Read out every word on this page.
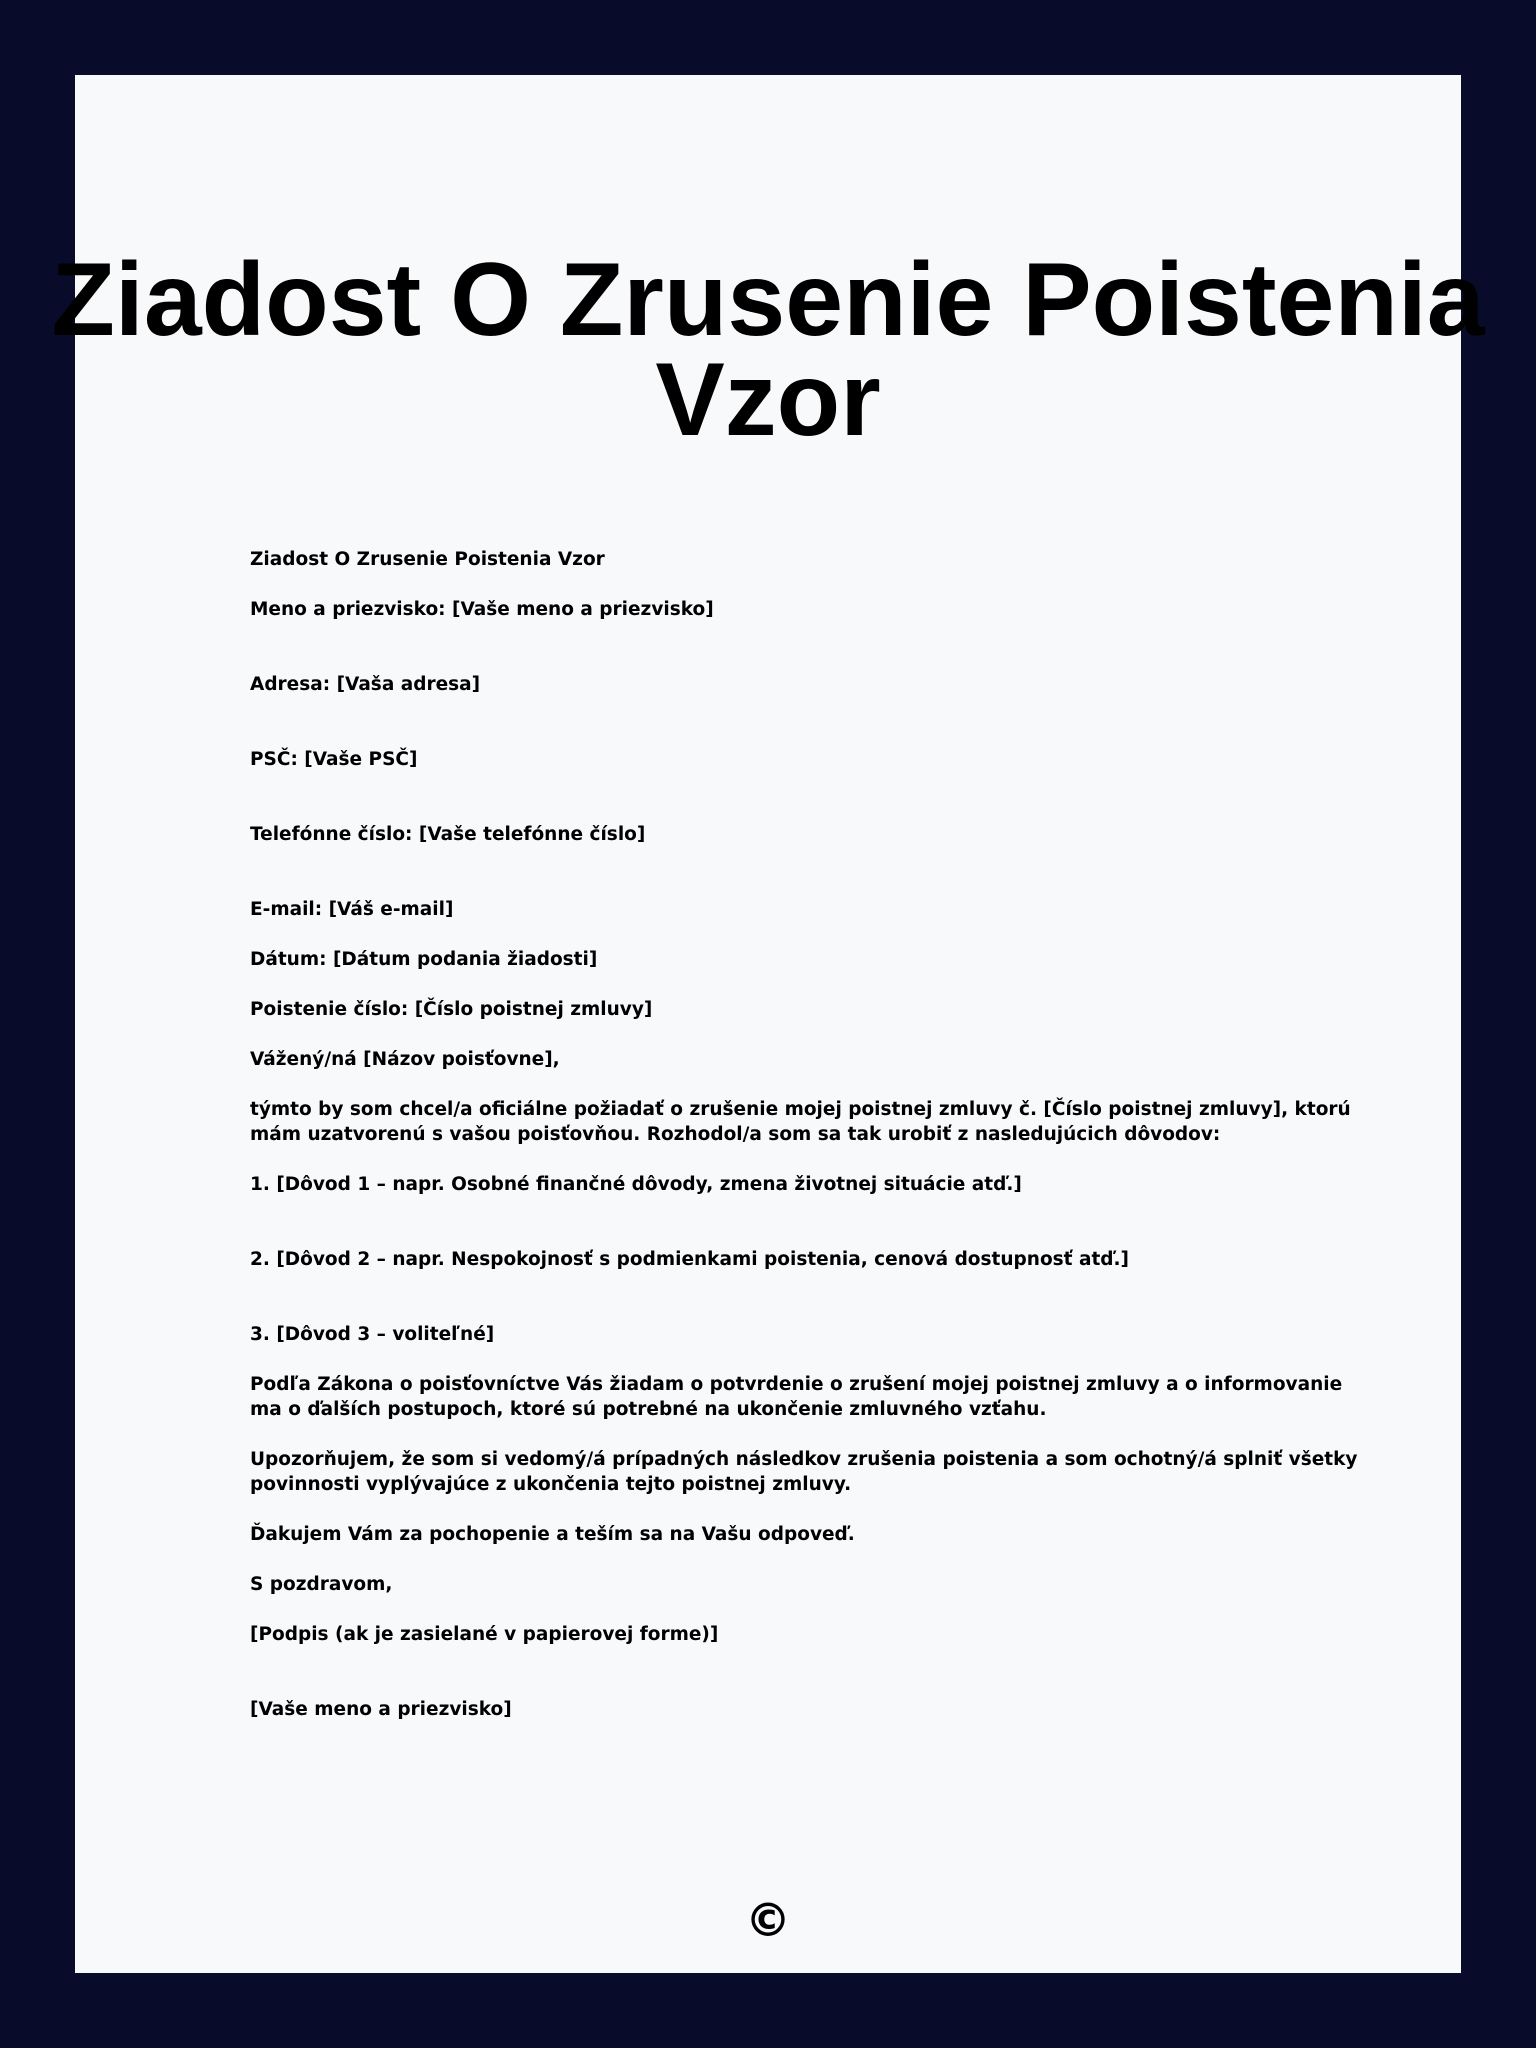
Ziadost O Zrusenie Poistenia Vzor

Ziadost O Zrusenie Poistenia Vzor

Meno a priezvisko: [Vaše meno a priezvisko]

Adresa: [Vaša adresa]

PSČ: [Vaše PSČ]

Telefónne číslo: [Vaše telefónne číslo]

E-mail: [Váš e-mail]

Dátum: [Dátum podania žiadosti]

Poistenie číslo: [Číslo poistnej zmluvy]

Vážený/ná [Názov poisťovne],

týmto by som chcel/a oficiálne požiadať o zrušenie mojej poistnej zmluvy č. [Číslo poistnej zmluvy], ktorú mám uzatvorenú s vašou poisťovňou. Rozhodol/a som sa tak urobiť z nasledujúcich dôvodov:

1. [Dôvod 1 – napr. Osobné finančné dôvody, zmena životnej situácie atď.]

2. [Dôvod 2 – napr. Nespokojnosť s podmienkami poistenia, cenová dostupnosť atď.]

3. [Dôvod 3 – voliteľné]

Podľa Zákona o poisťovníctve Vás žiadam o potvrdenie o zrušení mojej poistnej zmluvy a o informovanie ma o ďalších postupoch, ktoré sú potrebné na ukončenie zmluvného vzťahu.

Upozorňujem, že som si vedomý/á prípadných následkov zrušenia poistenia a som ochotný/á splniť všetky povinnosti vyplývajúce z ukončenia tejto poistnej zmluvy.

Ďakujem Vám za pochopenie a teším sa na Vašu odpoveď.

S pozdravom,

[Podpis (ak je zasielané v papierovej forme)]

[Vaše meno a priezvisko]

©
